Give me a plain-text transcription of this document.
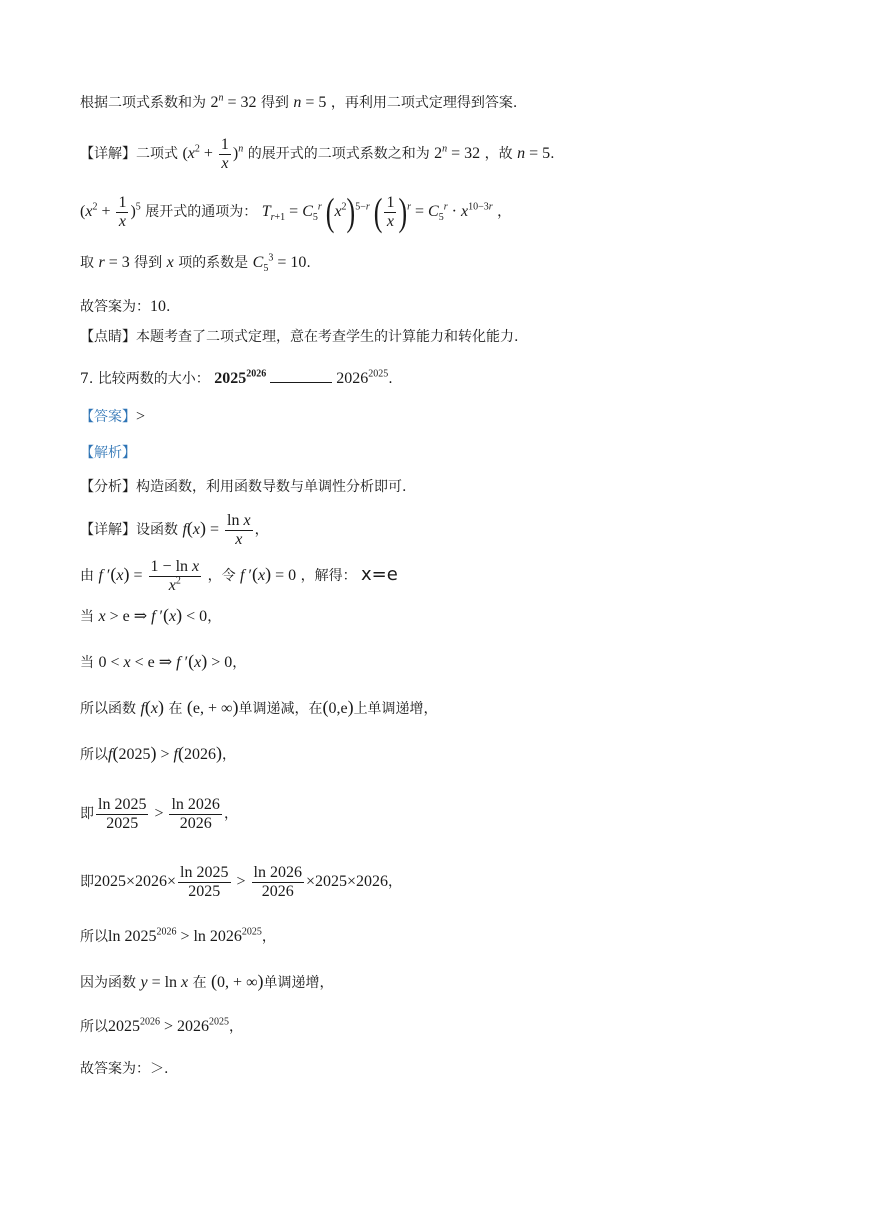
根据二项式系数和为 $2^n = 32$ 得到 n = 5 ，再利用二项式定理得到答案.
【详解】二项式 $(x^2 + \frac{1}{x} )^n$ 的展开式的二项式系数之和为 $2^n = 32$ ，故 n = 5.
$(x^2 + \frac{1}{x} )^5$ 展开式的通项为： $T_{r+1} = C_5^r$ $(x^2)^{5-r}$ ( $\frac{1}{x} )^r = C_5^r \cdot x^{10-3r}$ ，
取 r = 3 得到 x 项的系数是 $C_5^3 = 10$.
故答案为：10.
【点睛】本题考查了二项式定理，意在考查学生的计算能力和转化能力.
7. 比较两数的大小： $2025^{2026}$	$2026^{2025}$.
【答案】>
【解析】
【分析】构造函数，利用函数导数与单调性分析即可.
【详解】设函数 $f(x) = \frac{\text{ln x}}{x}$ ，
由 f $'(x) = \frac{\text{1 − ln x}}{x^2}$ ，令 f ′(x) = 0 ，解得： x=e
当 x > e ⇒ f ′(x) < 0，
当 0 < x < e ⇒ f ′(x) > 0，
所以函数 f(x) 在 (e, + ∞)单调递减，在(0,e)上单调递增，
所以f(2025) > f(2026)，
即 $\frac{\ln 2025}{2025} > \frac{\ln 2026}{2026}$ ，
即$2025\times 2026\times \frac{\ln 2025}{2025} > \frac{\ln 2026}{2026} \times 2025\times 2026$，
所以$\ln 2025^{2026} > \ln 2026^{2025}$，
因为函数 y = ln x 在 (0, + ∞)单调递增，
所以$2025^{2026} > 2026^{2025}$，
故答案为：＞.
